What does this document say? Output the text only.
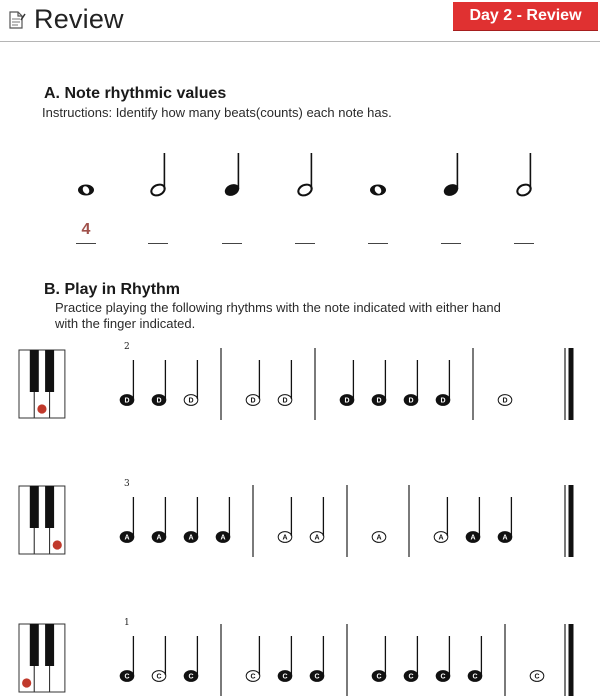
Review	Day 2 - Review
A. Note rhythmic values
Instructions: Identify how many beats(counts) each note has.
4
B. Play in Rhythm
Practice playing the following rhythms with the note indicated with either hand
with the finger indicated.
2
D	D	D	D	D	D	D	D	D	D
3
A	A	A	A	A	A	A	A	A	A
1
C	C	C	C	C	C	C	C	C	C	C
